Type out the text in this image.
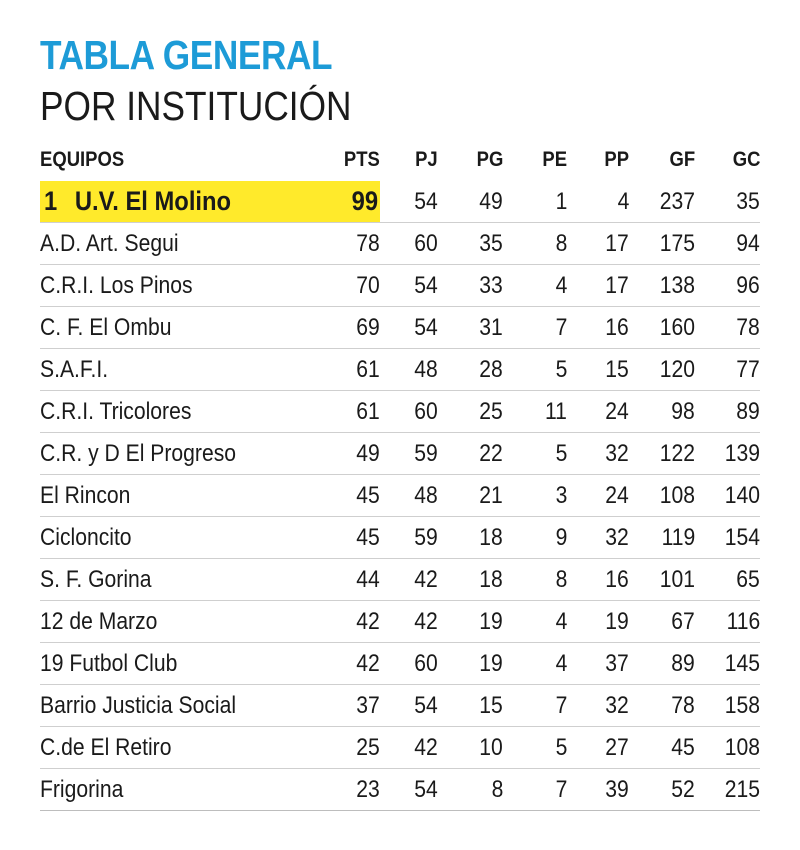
TABLA GENERAL
POR INSTITUCIÓN
EQUIPOS	PTS	PJ	PG	PE	PP	GF	GC
1 U.V. El Molino	99	54	49	1	4	237	35
A.D. Art. Segui	78	60	35	8	17	175	94
C.R.I. Los Pinos	70	54	33	4	17	138	96
C. F. El Ombu	69	54	31	7	16	160	78
S.A.F.I.	61	48	28	5	15	120	77
C.R.I. Tricolores	61	60	25	11	24	98	89
C.R. y D El Progreso	49	59	22	5	32	122	139
El Rincon	45	48	21	3	24	108	140
Cicloncito	45	59	18	9	32	119	154
S. F. Gorina	44	42	18	8	16	101	65
12 de Marzo	42	42	19	4	19	67	116
19 Futbol Club	42	60	19	4	37	89	145
Barrio Justicia Social	37	54	15	7	32	78	158
C.de El Retiro	25	42	10	5	27	45	108
Frigorina	23	54	8	7	39	52	215
